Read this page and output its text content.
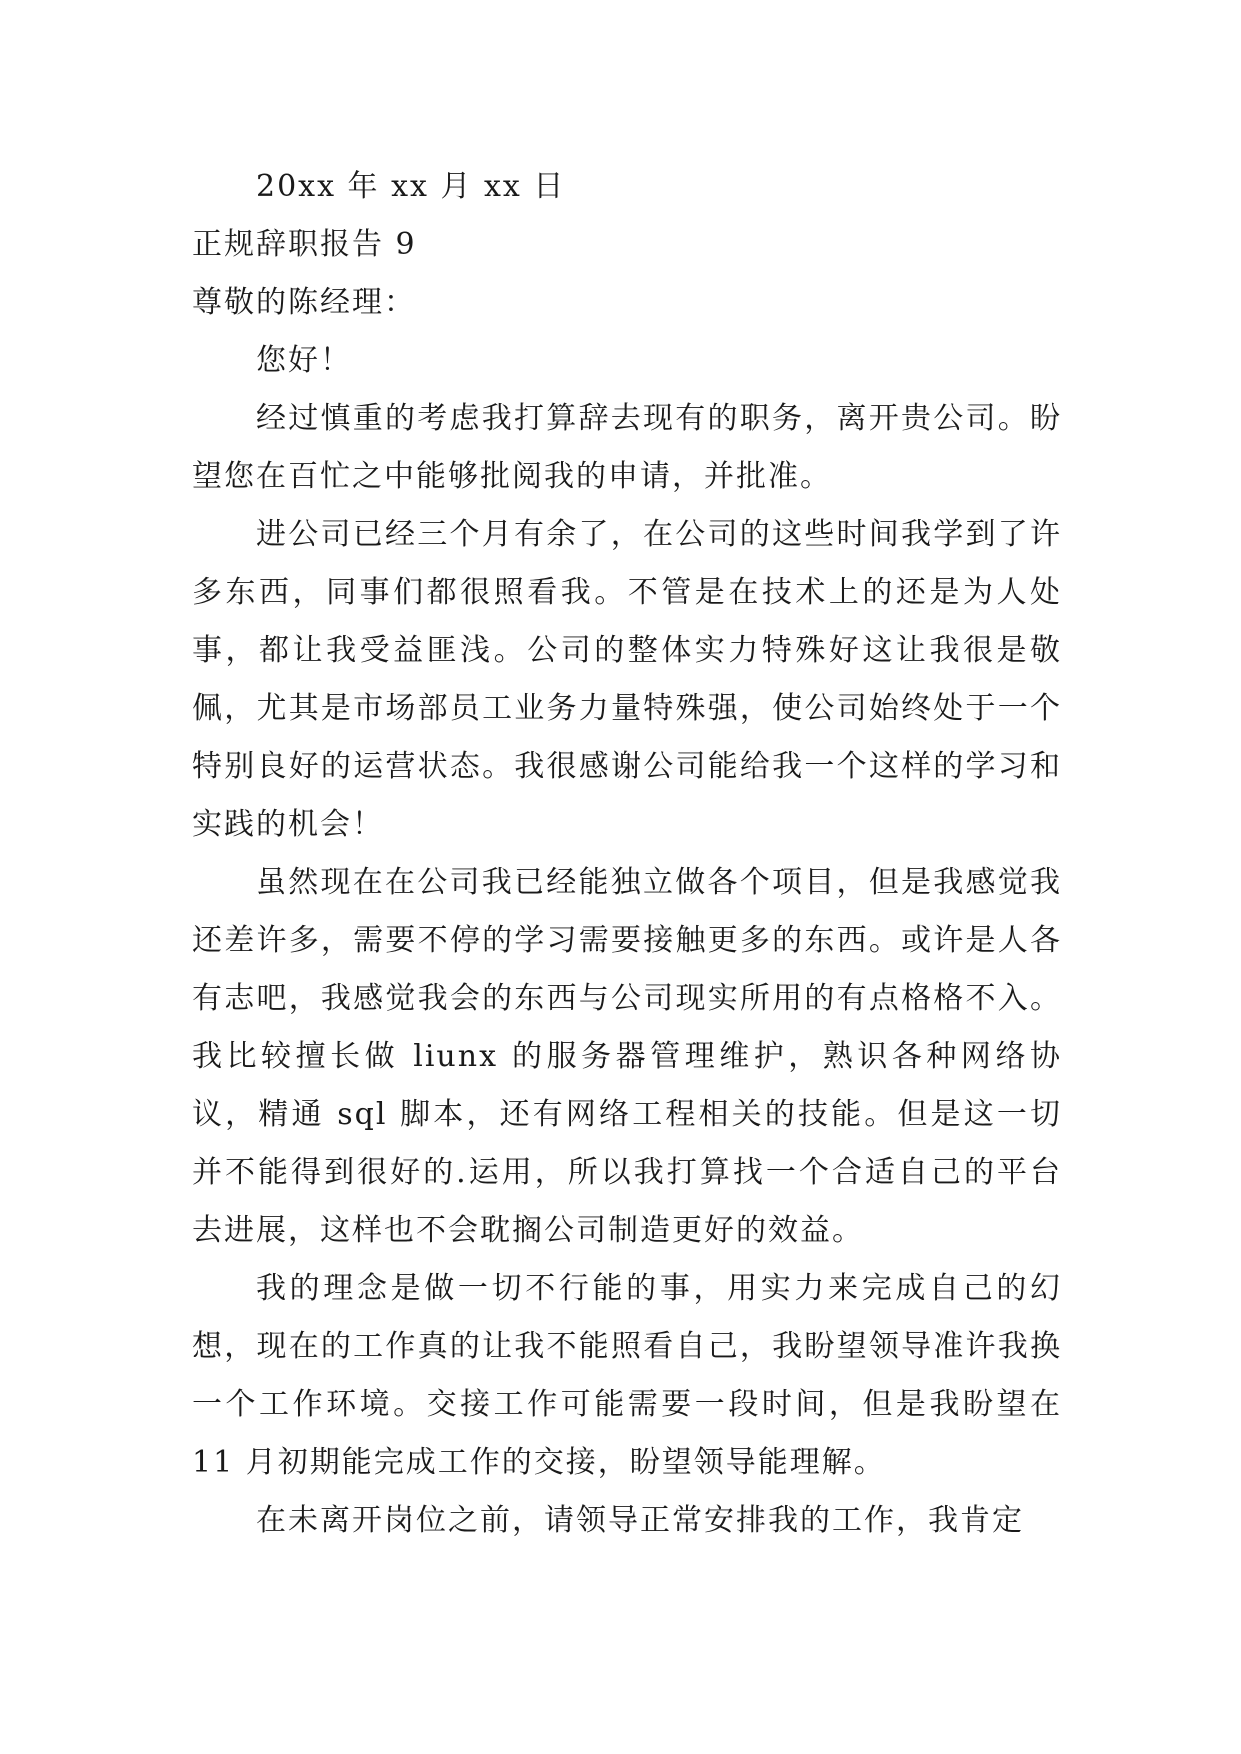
20xx 年 xx 月 xx 日
正规辞职报告 9
尊敬的陈经理：
您好！

经过慎重的考虑我打算辞去现有的职务，离开贵公司。盼望您在百忙之中能够批阅我的申请，并批准。

进公司已经三个月有余了，在公司的这些时间我学到了许多东西，同事们都很照看我。不管是在技术上的还是为人处事，都让我受益匪浅。公司的整体实力特殊好这让我很是敬佩，尤其是市场部员工业务力量特殊强，使公司始终处于一个特别良好的运营状态。我很感谢公司能给我一个这样的学习和实践的机会！

虽然现在在公司我已经能独立做各个项目，但是我感觉我还差许多，需要不停的学习需要接触更多的东西。或许是人各有志吧，我感觉我会的东西与公司现实所用的有点格格不入。我比较擅长做 liunx 的服务器管理维护，熟识各种网络协议，精通 sql 脚本，还有网络工程相关的技能。但是这一切并不能得到很好的.运用，所以我打算找一个合适自己的平台去进展，这样也不会耽搁公司制造更好的效益。

我的理念是做一切不行能的事，用实力来完成自己的幻想，现在的工作真的让我不能照看自己，我盼望领导准许我换一个工作环境。交接工作可能需要一段时间，但是我盼望在 11 月初期能完成工作的交接，盼望领导能理解。

在未离开岗位之前，请领导正常安排我的工作，我肯定
